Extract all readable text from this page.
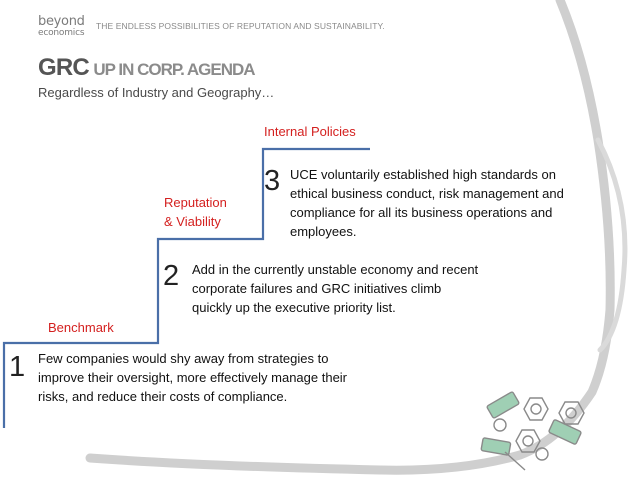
beyond
economics
THE ENDLESS POSSIBILITIES OF REPUTATION AND SUSTAINABILITY.
GRC UP IN CORP. AGENDA
Regardless of Industry and Geography…
Internal Policies
Reputation
& Viability
Benchmark
1
2
3
Few companies would shy away from strategies to improve their oversight, more effectively manage their risks, and reduce their costs of compliance.
Add in the currently unstable economy and recent corporate failures and GRC initiatives climb quickly up the executive priority list.
UCE voluntarily established high standards on ethical business conduct, risk management and compliance for all its business operations and employees.
